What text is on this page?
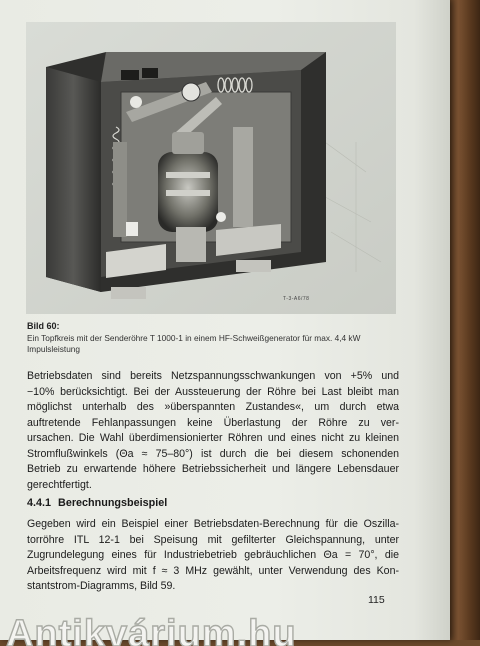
T-3-A6/78
Bild 60:
Ein Topfkreis mit der Senderöhre T 1000-1 in einem HF-Schweißgenerator für max. 4,4 kW Impulsleistung
Betriebsdaten sind bereits Netzspannungsschwankungen von +5% und
−10% berücksichtigt. Bei der Aussteuerung der Röhre bei Last bleibt man
möglichst unterhalb des »überspannten Zustandes«, um durch etwa
auftretende Fehlanpassungen keine Überlastung der Röhre zu ver-
ursachen. Die Wahl überdimensionierter Röhren und eines nicht zu kleinen
Stromflußwinkels (Θa ≈ 75–80°) ist durch die bei diesem schonenden
Betrieb zu erwartende höhere Betriebssicherheit und längere Lebensdauer
gerechtfertigt.
4.4.1 Berechnungsbeispiel
Gegeben wird ein Beispiel einer Betriebsdaten-Berechnung für die Oszilla-
torröhre ITL 12-1 bei Speisung mit gefilterter Gleichspannung, unter
Zugrundelegung eines für Industriebetrieb gebräuchlichen Θa = 70°, die
Arbeitsfrequenz wird mit f ≈ 3 MHz gewählt, unter Verwendung des Kon-
stantstrom-Diagramms, Bild 59.
115
Antikvárium.hu
